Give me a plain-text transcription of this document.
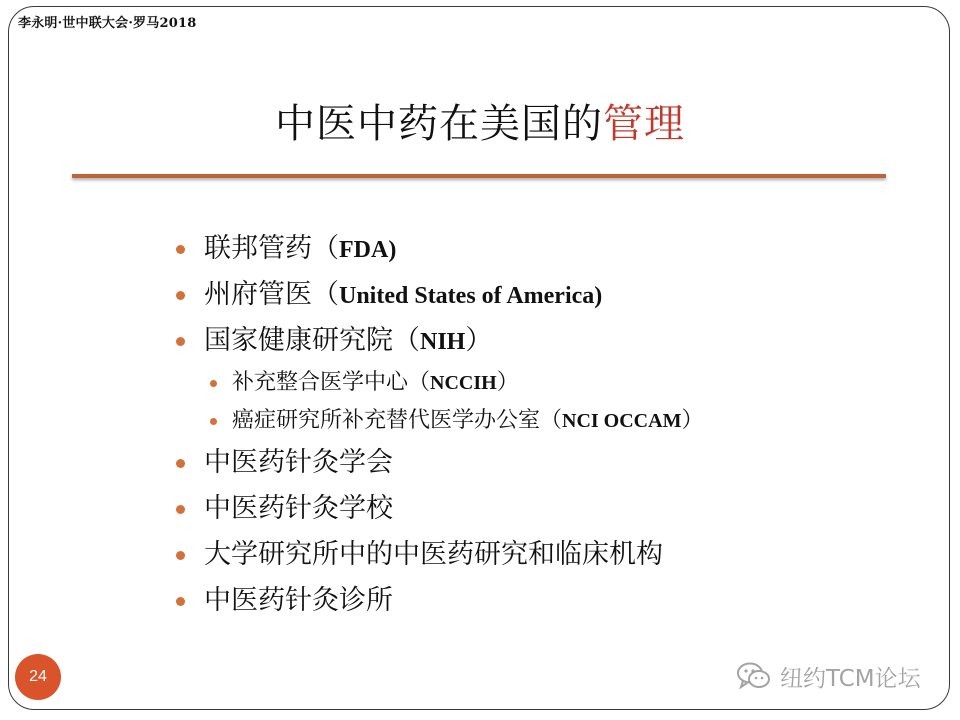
李永明·世中联大会·罗马2018
中医中药在美国的管理
联邦管药（FDA)
州府管医（United States of America)
国家健康研究院（NIH）
补充整合医学中心（NCCIH）
癌症研究所补充替代医学办公室（NCI OCCAM）
中医药针灸学会
中医药针灸学校
大学研究所中的中医药研究和临床机构
中医药针灸诊所
24	纽约TCM论坛
